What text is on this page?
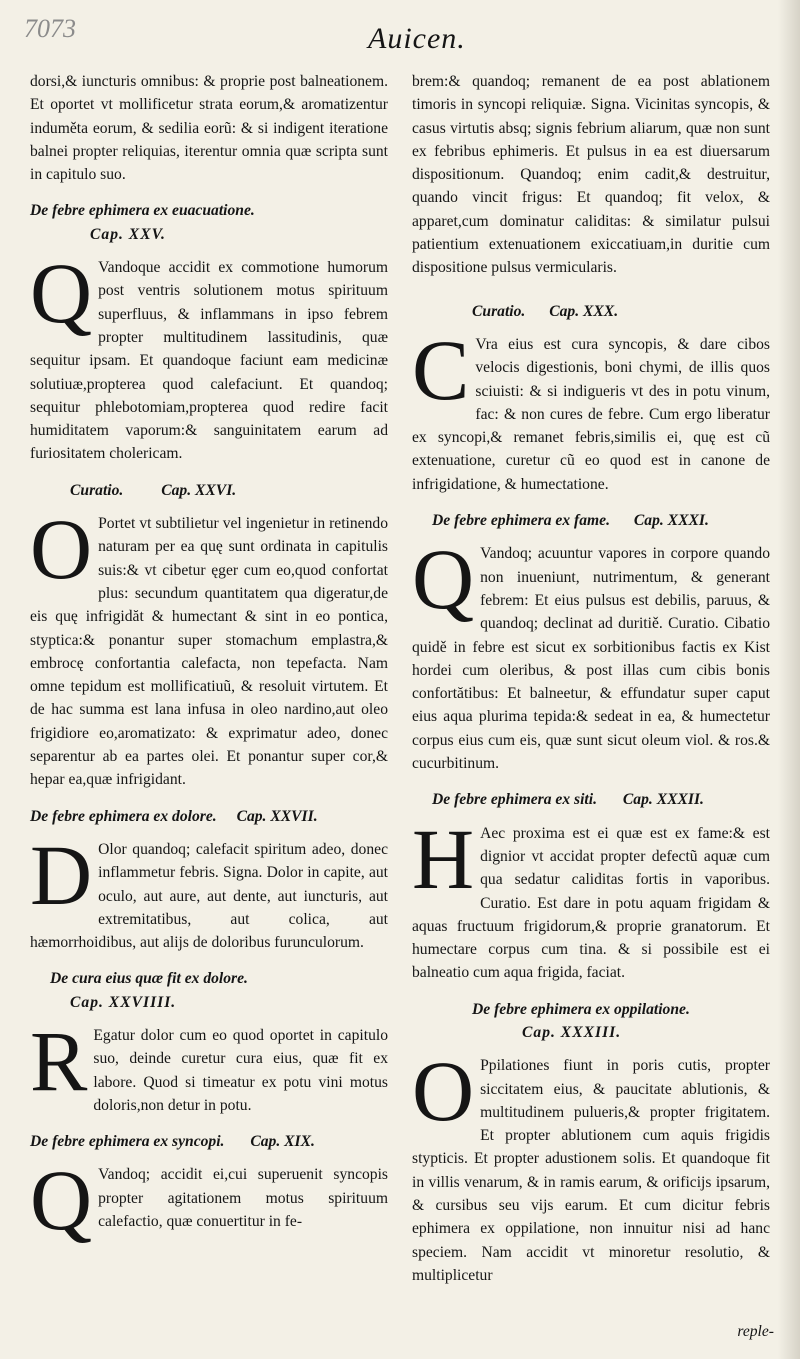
7073	Auicen.

dorsi,& iuncturis omnibus: & proprie post balneationem. Et oportet vt mollificetur strata eorum,& aromatizentur induměta eorum, & sedilia eorũ: & si indigent iteratione balnei propter reliquias, iterentur omnia quæ scripta sunt in capitulo suo.

De febre ephimera ex euacuatione.
Cap. XXV.

Q Vandoque accidit ex commotione humorum post ventris solutionem motus spirituum superfluus, & inflammans in ipso febrem propter multitudinem lassitudinis, quæ sequitur ipsam. Et quandoque faciunt eam medicinæ solutiuæ,propterea quod calefaciunt. Et quandoq; sequitur phlebotomiam,propterea quod redire facit humiditatem vaporum:& sanguinitatem earum ad furiositatem cholericam.

Curatio. Cap. XXVI.

O Portet vt subtilietur vel ingenietur in retinendo naturam per ea quę sunt ordinata in capitulis suis:& vt cibetur ęger cum eo,quod confortat plus: secundum quantitatem qua digeratur,de eis quę infrigidăt & humectant & sint in eo pontica, styptica:& ponantur super stomachum emplastra,& embrocę confortantia calefacta, non tepefacta. Nam omne tepidum est mollificatiuũ, & resoluit virtutem. Et de hac summa est lana infusa in oleo nardino,aut oleo frigidiore eo,aromatizato: & exprimatur adeo, donec separentur ab ea partes olei. Et ponantur super cor,& hepar ea,quæ infrigidant.

De febre ephimera ex dolore. Cap. XXVII.

D Olor quandoq; calefacit spiritum adeo, donec inflammetur febris. Signa. Dolor in capite, aut oculo, aut aure, aut dente, aut iuncturis, aut extremitatibus, aut colica, aut hæmorrhoidibus, aut alijs de doloribus furunculorum.

De cura eius quæ fit ex dolore.
Cap. XXVIIII.

R Egatur dolor cum eo quod oportet in capitulo suo, deinde curetur cura eius, quæ fit ex labore. Quod si timeatur ex potu vini motus doloris,non detur in potu.

De febre ephimera ex syncopi. Cap. XIX.

Q Vandoq; accidit ei,cui superuenit syncopis propter agitationem motus spirituum calefactio, quæ conuertitur in fe-

brem:& quandoq; remanent de ea post ablationem timoris in syncopi reliquiæ. Signa. Vicinitas syncopis, & casus virtutis absq; signis febrium aliarum, quæ non sunt ex febribus ephimeris. Et pulsus in ea est diuersarum dispositionum. Quandoq; enim cadit,& destruitur, quando vincit frigus: Et quandoq; fit velox, & apparet,cum dominatur caliditas: & similatur pulsui patientium extenuationem exiccatiuam,in duritie cum dispositione pulsus vermicularis.

Curatio. Cap. XXX.

C Vra eius est cura syncopis, & dare cibos velocis digestionis, boni chymi, de illis quos sciuisti: & si indigueris vt des in potu vinum, fac: & non cures de febre. Cum ergo liberatur ex syncopi,& remanet febris,similis ei, quę est cũ extenuatione, curetur cũ eo quod est in canone de infrigidatione, & humectatione.

De febre ephimera ex fame. Cap. XXXI.

Q Vandoq; acuuntur vapores in corpore quando non inueniunt, nutrimentum, & generant febrem: Et eius pulsus est debilis, paruus, & quandoq; declinat ad duritiě. Curatio. Cibatio quidě in febre est sicut ex sorbitionibus factis ex Kist hordei cum oleribus, & post illas cum cibis bonis confortătibus: Et balneetur, & effundatur super caput eius aqua plurima tepida:& sedeat in ea, & humectetur corpus eius cum eis, quæ sunt sicut oleum viol. & ros.& cucurbitinum.

De febre ephimera ex siti. Cap. XXXII.

H Aec proxima est ei quæ est ex fame:& est dignior vt accidat propter defectũ aquæ cum qua sedatur caliditas fortis in vaporibus. Curatio. Est dare in potu aquam frigidam & aquas fructuum frigidorum,& proprie granatorum. Et humectare corpus cum tina. & si possibile est ei balneatio cum aqua frigida, faciat.

De febre ephimera ex oppilatione.
Cap. XXXIII.

O Ppilationes fiunt in poris cutis, propter siccitatem eius, & paucitate ablutionis, & multitudinem pulueris,& propter frigitatem. Et propter ablutionem cum aquis frigidis stypticis. Et propter adustionem solis. Et quandoque fit in villis venarum, & in ramis earum, & orificijs ipsarum, & cursibus seu vijs earum. Et cum dicitur febris ephimera ex oppilatione, non innuitur nisi ad hanc speciem. Nam accidit vt minoretur resolutio, & multiplicetur

reple-
